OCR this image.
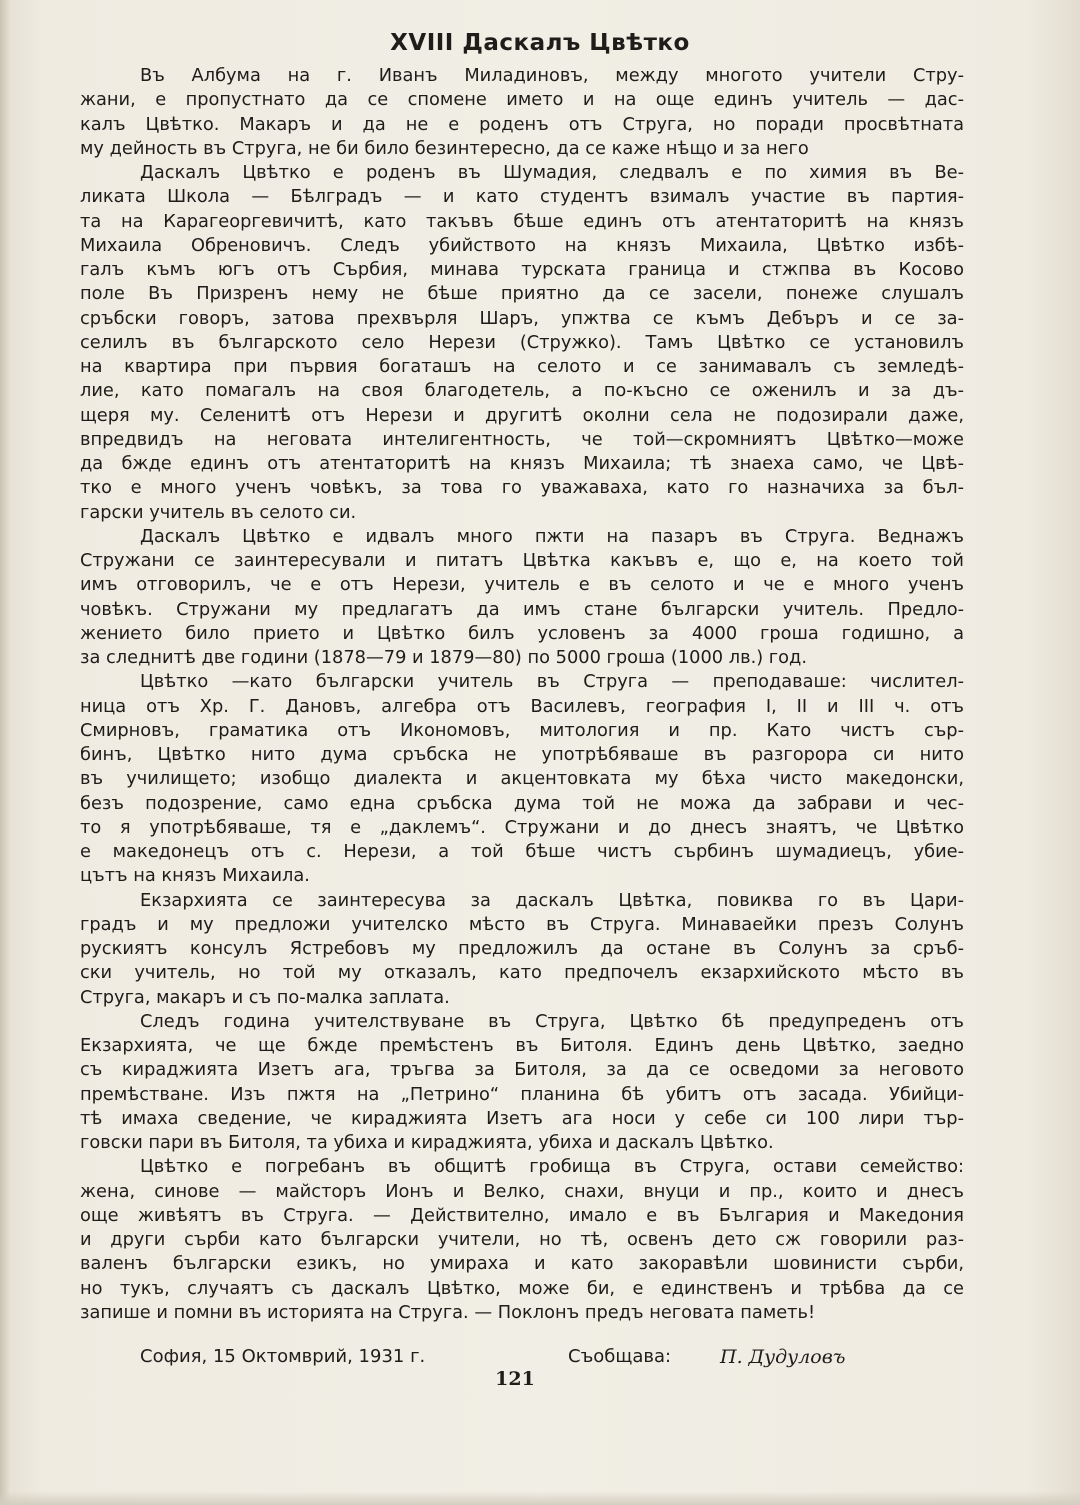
XVIII Даскалъ Цвѣтко
Въ Албума на г. Иванъ Миладиновъ, между многото учители Стру-
жани, е пропустнато да се спомене името и на още единъ учитель — дас-
калъ Цвѣтко. Макаръ и да не е роденъ отъ Струга, но поради просвѣтната
му дейность въ Струга, не би било безинтересно, да се каже нѣщо и за него
Даскалъ Цвѣтко е роденъ въ Шумадия, следвалъ е по химия въ Ве-
ликата Школа — Бѣлградъ — и като студентъ взималъ участие въ партия-
та на Карагеоргевичитѣ, като такъвъ бѣше единъ отъ атентаторитѣ на князъ
Михаила Обреновичъ. Следъ убийството на князъ Михаила, Цвѣтко избѣ-
галъ къмъ югъ отъ Сърбия, минава турската граница и стжпва въ Косово
поле Въ Призренъ нему не бѣше приятно да се засели, понеже слушалъ
сръбски говоръ, затова прехвърля Шаръ, упжтва се къмъ Дебъръ и се за-
селилъ въ българското село Нерези (Стружко). Тамъ Цвѣтко се установилъ
на квартира при първия богаташъ на селото и се занимавалъ съ земледѣ-
лие, като помагалъ на своя благодетель, а по-късно се оженилъ и за дъ-
щеря му. Селенитѣ отъ Нерези и другитѣ околни села не подозирали даже,
впредвидъ на неговата интелигентность, че той—скромниятъ Цвѣтко—може
да бжде единъ отъ атентаторитѣ на князъ Михаила; тѣ знаеха само, че Цвѣ-
тко е много ученъ човѣкъ, за това го уважаваха, като го назначиха за бъл-
гарски учитель въ селото си.
Даскалъ Цвѣтко е идвалъ много пжти на пазаръ въ Струга. Веднажъ
Стружани се заинтересували и питатъ Цвѣтка какъвъ е, що е, на което той
имъ отговорилъ, че е отъ Нерези, учитель е въ селото и че е много ученъ
човѣкъ. Стружани му предлагатъ да имъ стане български учитель. Предло-
жението било прието и Цвѣтко билъ условенъ за 4000 гроша годишно, а
за следнитѣ две години (1878—79 и 1879—80) по 5000 гроша (1000 лв.) год.
Цвѣтко —като български учитель въ Струга — преподаваше: числител-
ница отъ Хр. Г. Дановъ, алгебра отъ Василевъ, география I, II и III ч. отъ
Смирновъ, граматика отъ Икономовъ, митология и пр. Като чистъ сър-
бинъ, Цвѣтко нито дума сръбска не употрѣбяваше въ разгорора си нито
въ училището; изобщо диалекта и акцентовката му бѣха чисто македонски,
безъ подозрение, само една сръбска дума той не можа да забрави и чес-
то я употрѣбяваше, тя е „даклемъ“. Стружани и до днесъ знаятъ, че Цвѣтко
е македонецъ отъ с. Нерези, а той бѣше чистъ сърбинъ шумадиецъ, убие-
цътъ на князъ Михаила.
Екзархията се заинтересува за даскалъ Цвѣтка, повиква го въ Цари-
градъ и му предложи учителско мѣсто въ Струга. Минаваейки презъ Солунъ
рускиятъ консулъ Ястребовъ му предложилъ да остане въ Солунъ за сръб-
ски учитель, но той му отказалъ, като предпочелъ екзархийското мѣсто въ
Струга, макаръ и съ по-малка заплата.
Следъ година учителствуване въ Струга, Цвѣтко бѣ предупреденъ отъ
Екзархията, че ще бжде премѣстенъ въ Битоля. Единъ день Цвѣтко, заедно
съ кираджията Изетъ ага, тръгва за Битоля, за да се осведоми за неговото
премѣстване. Изъ пжтя на „Петрино“ планина бѣ убитъ отъ засада. Убийци-
тѣ имаха сведение, че кираджията Изетъ ага носи у себе си 100 лири тър-
говски пари въ Битоля, та убиха и кираджията, убиха и даскалъ Цвѣтко.
Цвѣтко е погребанъ въ общитѣ гробища въ Струга, остави семейство:
жена, синове — майсторъ Ионъ и Велко, снахи, внуци и пр., които и днесъ
още живѣятъ въ Струга. — Действително, имало е въ България и Македония
и други сърби като български учители, но тѣ, освенъ дето сж говорили раз-
валенъ български езикъ, но умираха и като закоравѣли шовинисти сърби,
но тукъ, случаятъ съ даскалъ Цвѣтко, може би, е единственъ и трѣбва да се
запише и помни въ историята на Струга. — Поклонъ предъ неговата паметь!
София, 15 Октомврий, 1931 г.	Съобщава:	П. Дудуловъ
121
